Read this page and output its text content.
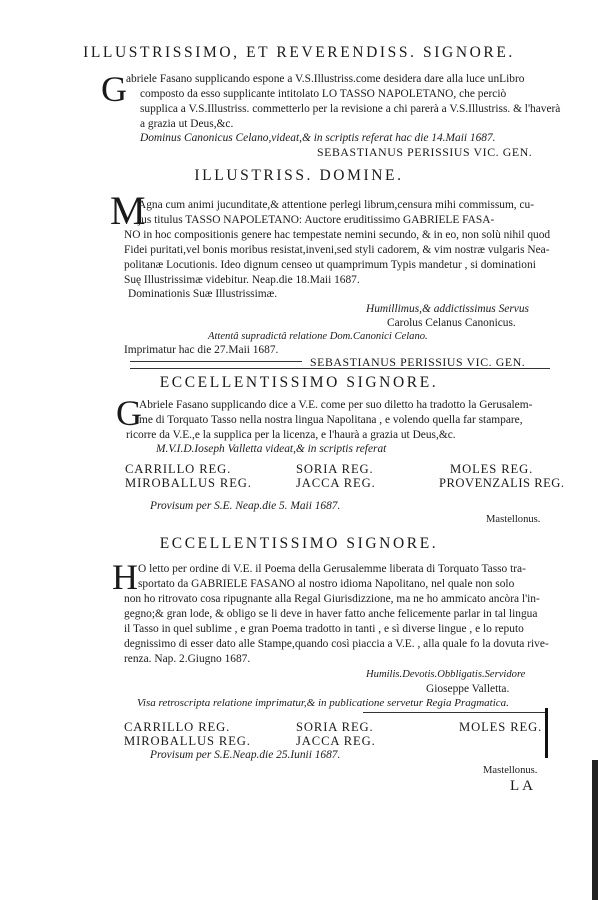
ILLUSTRISSIMO, ET REVERENDISS. SIGNORE.
G abriele Fasano supplicando espone a V.S.Illustriss.come desidera dare alla luce unLibro
composto da esso supplicante intitolato LO TASSO NAPOLETANO, che perciò
supplica a V.S.Illustriss. commetterlo per la revisione a chi parerà a V.S.Illustriss. & l'haverà
a grazia ut Deus,&c.
Dominus Canonicus Celano,videat,& in scriptis referat hac die 14.Maii 1687.
SEBASTIANUS PERISSIUS VIC. GEN.
ILLUSTRISS. DOMINE.
M
Agna cum animi jucunditate,& attentione perlegi librum,censura mihi commissum, cu-
jus titulus TASSO NAPOLETANO: Auctore eruditissimo GABRIELE FASA-
NO in hoc compositionis genere hac tempestate nemini secundo, & in eo, non solù nihil quod
Fidei puritati,vel bonis moribus resistat,inveni,sed styli cadorem, & vim nostræ vulgaris Nea-
politanæ Locutionis. Ideo dignum censeo ut quamprimum Typis mandetur , si dominationi
Suę Illustrissimæ videbitur. Neap.die 18.Maii 1687.
Dominationis Suæ Illustrissimæ.
Humillimus,& addictissimus Servus
Carolus Celanus Canonicus.
Attentâ supradictâ relatione Dom.Canonici Celano.
Imprimatur hac die 27.Maii 1687.
SEBASTIANUS PERISSIUS VIC. GEN.
ECCELLENTISSIMO SIGNORE.
G
Abriele Fasano supplicando dice a V.E. come per suo diletto ha tradotto la Gerusalem-
me di Torquato Tasso nella nostra lingua Napolitana , e volendo quella far stampare,
ricorre da V.E.,e la supplica per la licenza, e l'haurà a grazia ut Deus,&c.
M.V.I.D.Ioseph Valletta videat,& in scriptis referat
CARRILLO REG.	SORIA REG.	MOLES REG.
MIROBALLUS REG.	JACCA REG.	PROVENZALIS REG.
Provisum per S.E. Neap.die 5. Maii 1687.
Mastellonus.
ECCELLENTISSIMO SIGNORE.
H O letto per ordine di V.E. il Poema della Gerusalemme liberata di Torquato Tasso tra-
sportato da GABRIELE FASANO al nostro idioma Napolitano, nel quale non solo
non ho ritrovato cosa ripugnante alla Regal Giurisdizzione, ma ne ho ammicato ancòra l'in-
gegno;& gran lode, & obligo se li deve in haver fatto anche felicemente parlar in tal lingua
il Tasso in quel sublime , e gran Poema tradotto in tanti , e sì diverse lingue , e lo reputo
degnissimo di esser dato alle Stampe,quando così piaccia a V.E. , alla quale fo la dovuta rive-
renza. Nap. 2.Giugno 1687.
Humilis.Devotis.Obbligatis.Servidore
Gioseppe Valletta.
Visa retroscripta relatione imprimatur,& in publicatione servetur Regia Pragmatica.
CARRILLO REG.	SORIA REG.	MOLES REG.
MIROBALLUS REG.	JACCA REG.
Provisum per S.E.Neap.die 25.Iunii 1687.
Mastellonus.
LA
